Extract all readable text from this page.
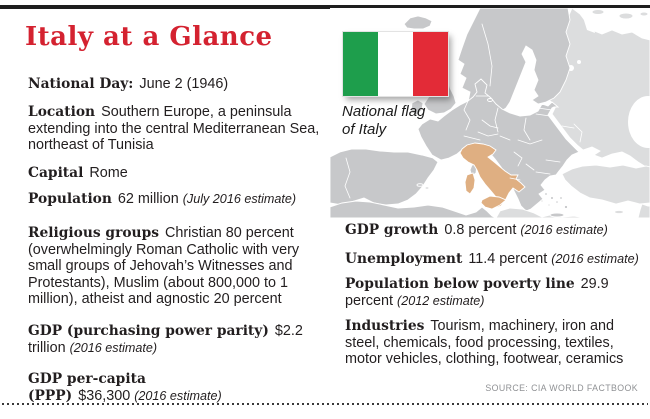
National flag
of Italy

Italy at a Glance

National Day: June 2 (1946)

Location Southern Europe, a peninsula extending into the central Mediterranean Sea, northeast of Tunisia

Capital Rome

Population 62 million (July 2016 estimate)

Religious groups Christian 80 percent (overwhelmingly Roman Catholic with very small groups of Jehovah’s Witnesses and Protestants), Muslim (about 800,000 to 1 million), atheist and agnostic 20 percent

GDP (purchasing power parity) $2.2 trillion (2016 estimate)

GDP per-capita (PPP) $36,300 (2016 estimate)

GDP growth 0.8 percent (2016 estimate)

Unemployment 11.4 percent (2016 estimate)

Population below poverty line 29.9 percent (2012 estimate)

Industries Tourism, machinery, iron and steel, chemicals, food processing, textiles, motor vehicles, clothing, footwear, ceramics

SOURCE: CIA WORLD FACTBOOK
